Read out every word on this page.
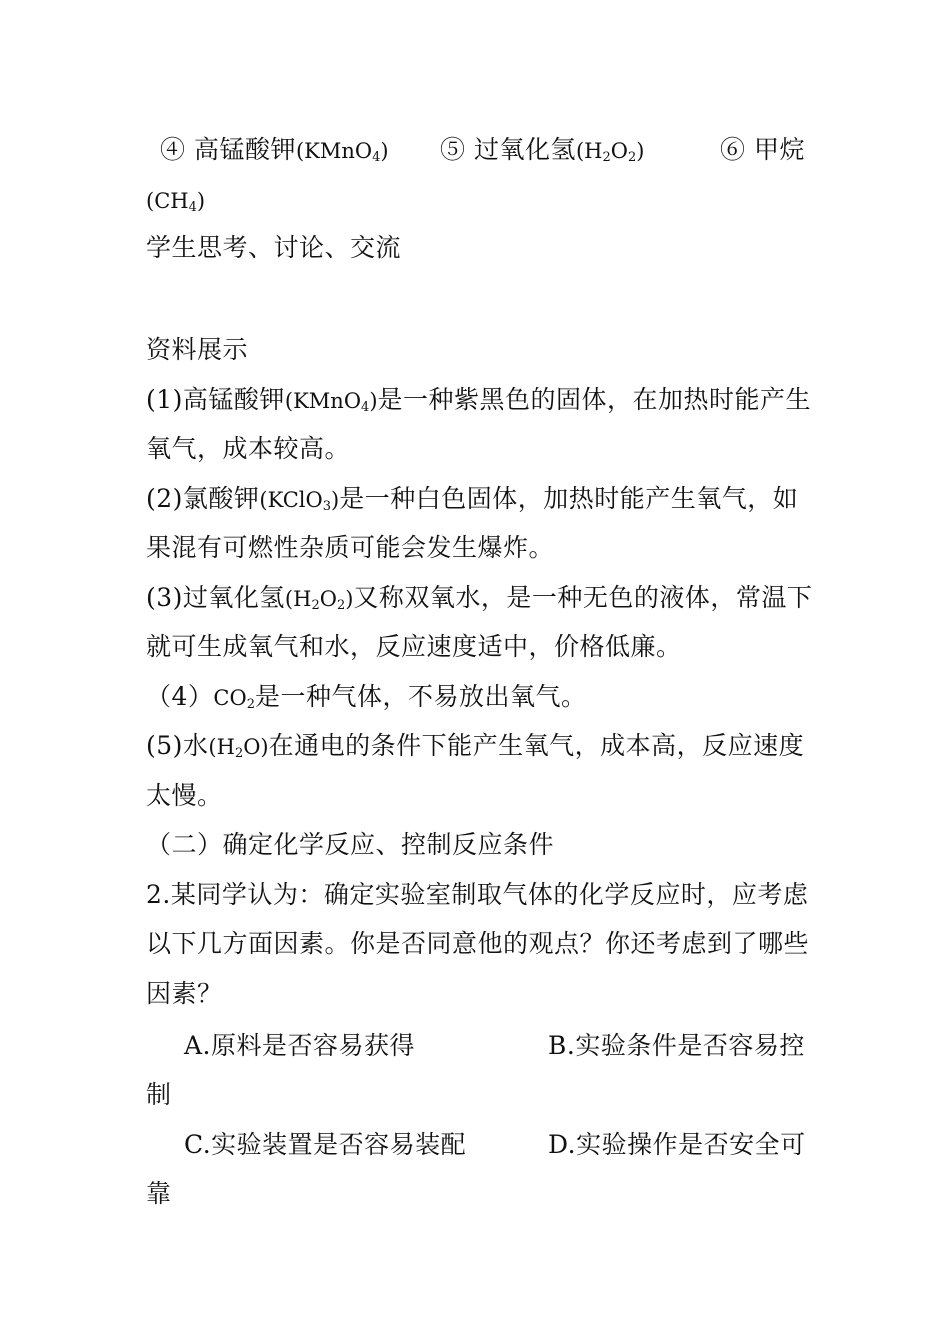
④ 高锰酸钾(KMnO$_4$) ⑤ 过氧化氢$(H_2O_2)$	⑥ 甲烷
$(CH_4)$
学生思考、讨论、交流
资料展示
(1)高锰酸钾(KMnO$_4$)是一种紫黑色的固体，在加热时能产生
氧气，成本较高。
(2)氯酸钾(KClO$_3$)是一种白色固体，加热时能产生氧气，如
果混有可燃性杂质可能会发生爆炸。
(3)过氧化氢$(H_2O_2)$又称双氧水，是一种无色的液体，常温下
就可生成氧气和水，反应速度适中，价格低廉。
$(4)CO_2$是一种气体，不易放出氧气。
(5)水$(H_2O)$在通电的条件下能产生氧气，成本高，反应速度
太慢。
（二）确定化学反应、控制反应条件
2.某同学认为：确定实验室制取气体的化学反应时，应考虑
以下几方面因素。你是否同意他的观点？你还考虑到了哪些
因素？
A.原料是否容易获得	B.实验条件是否容易控
制
C.实验装置是否容易装配	D.实验操作是否安全可
靠
